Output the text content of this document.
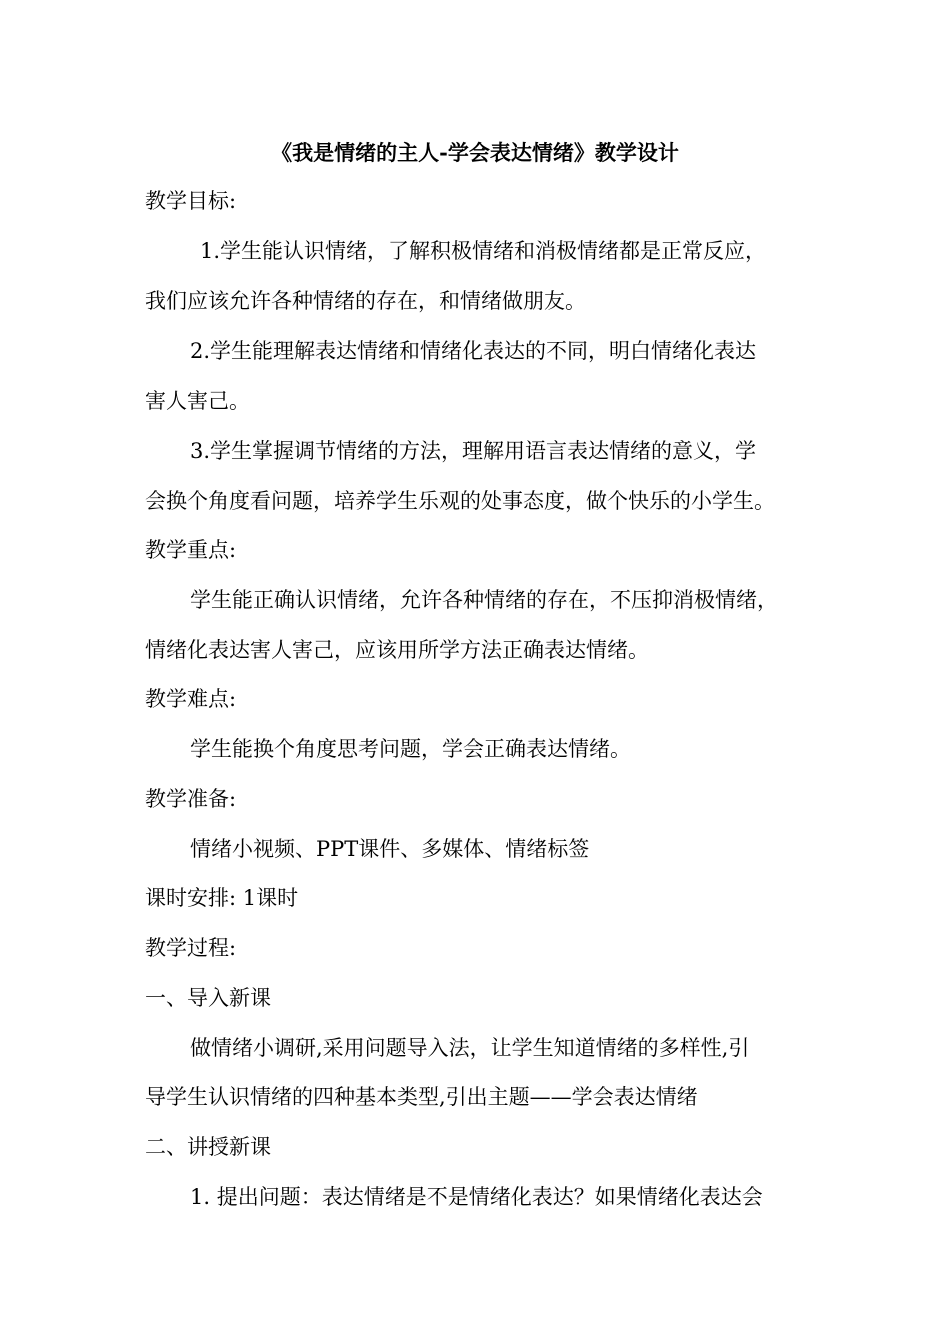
《我是情绪的主人-学会表达情绪》教学设计
教学目标:
1.学生能认识情绪，了解积极情绪和消极情绪都是正常反应，
我们应该允许各种情绪的存在，和情绪做朋友。
2.学生能理解表达情绪和情绪化表达的不同，明白情绪化表达
害人害己。
3.学生掌握调节情绪的方法，理解用语言表达情绪的意义，学
会换个角度看问题，培养学生乐观的处事态度，做个快乐的小学生。
教学重点:
学生能正确认识情绪，允许各种情绪的存在，不压抑消极情绪，
情绪化表达害人害己，应该用所学方法正确表达情绪。
教学难点:
学生能换个角度思考问题，学会正确表达情绪。
教学准备:
情绪小视频、PPT课件、多媒体、情绪标签
课时安排: 1课时
教学过程:
一、导入新课
做情绪小调研,采用问题导入法，让学生知道情绪的多样性,引
导学生认识情绪的四种基本类型,引出主题——学会表达情绪
二、讲授新课
1. 提出问题：表达情绪是不是情绪化表达？如果情绪化表达会
